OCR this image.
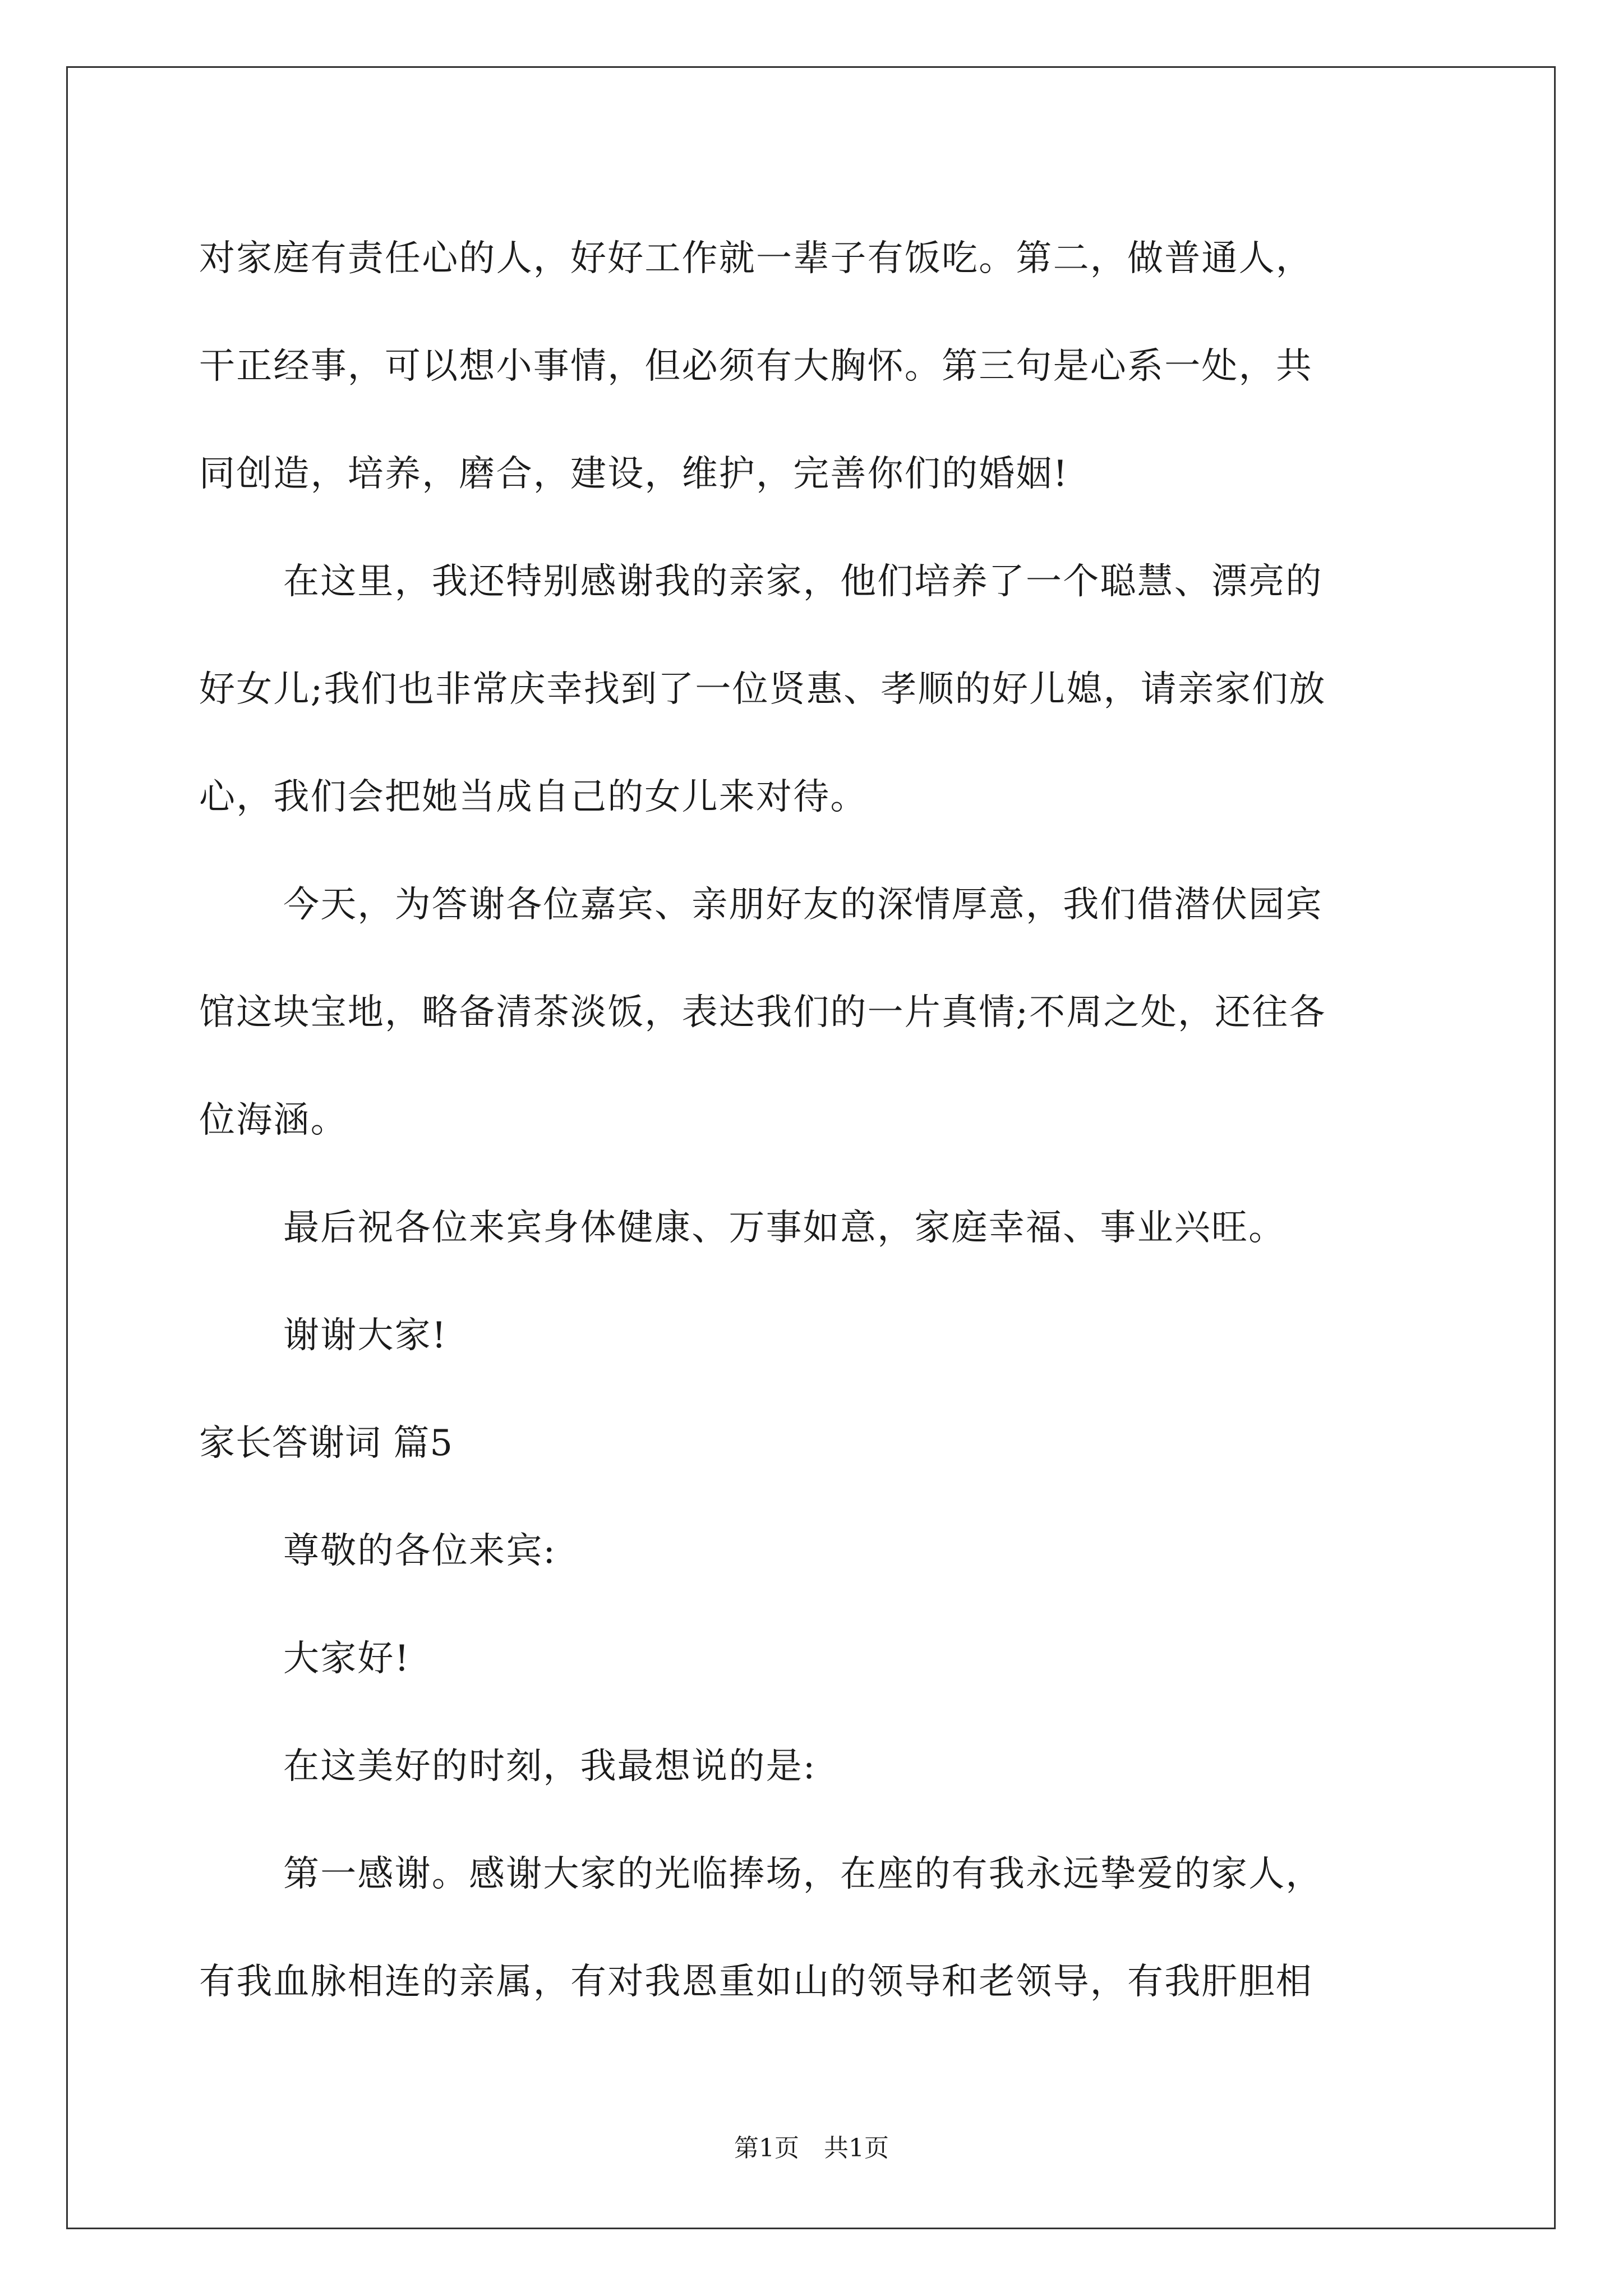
对家庭有责任心的人，好好工作就一辈子有饭吃。第二，做普通人，
干正经事，可以想小事情，但必须有大胸怀。第三句是心系一处，共
同创造，培养，磨合，建设，维护，完善你们的婚姻!
在这里，我还特别感谢我的亲家，他们培养了一个聪慧、漂亮的
好女儿;我们也非常庆幸找到了一位贤惠、孝顺的好儿媳，请亲家们放
心，我们会把她当成自己的女儿来对待。
今天，为答谢各位嘉宾、亲朋好友的深情厚意，我们借潜伏园宾
馆这块宝地，略备清茶淡饭，表达我们的一片真情;不周之处，还往各
位海涵。
最后祝各位来宾身体健康、万事如意，家庭幸福、事业兴旺。
谢谢大家!
家长答谢词 篇5
尊敬的各位来宾:
大家好!
在这美好的时刻，我最想说的是:
第一感谢。感谢大家的光临捧场，在座的有我永远挚爱的家人，
有我血脉相连的亲属，有对我恩重如山的领导和老领导，有我肝胆相
第1页　共1页
